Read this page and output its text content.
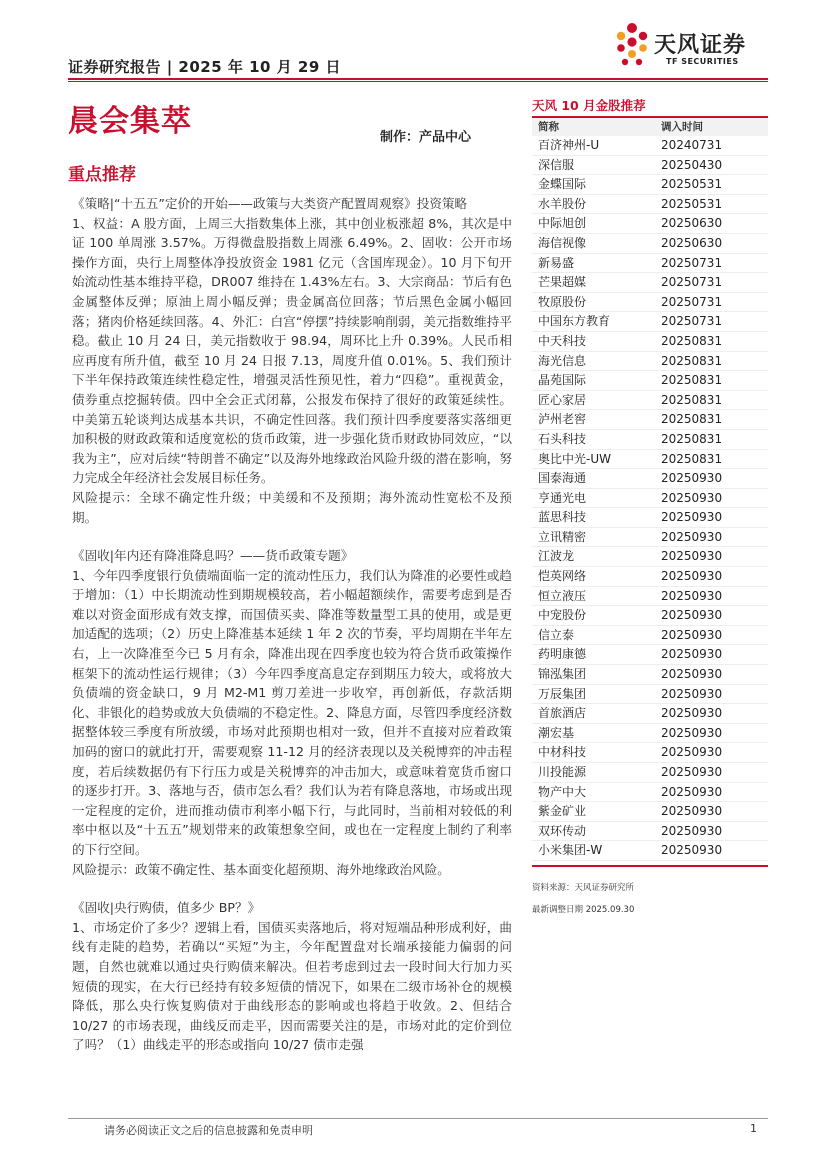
天风证券
TF SECURITIES
证券研究报告 | 2025 年 10 月 29 日
晨会集萃	制作：产品中心
重点推荐

《策略|“十五五”定价的开始——政策与大类资产配置周观察》投资策略

1、权益：A 股方面，上周三大指数集体上涨，其中创业板涨超 8%，其次是中证 100 单周涨 3.57%。万得微盘股指数上周涨 6.49%。2、固收：公开市场操作方面，央行上周整体净投放资金 1981 亿元（含国库现金）。10 月下旬开始流动性基本维持平稳，DR007 维持在 1.43%左右。3、大宗商品：节后有色金属整体反弹；原油上周小幅反弹；贵金属高位回落；节后黑色金属小幅回落；猪肉价格延续回落。4、外汇：白宫“停摆”持续影响削弱，美元指数维持平稳。截止 10 月 24 日，美元指数收于 98.94，周环比上升 0.39%。人民币相应再度有所升值，截至 10 月 24 日报 7.13，周度升值 0.01%。5、我们预计下半年保持政策连续性稳定性，增强灵活性预见性，着力“四稳”。重视黄金，债券重点挖掘转债。四中全会正式闭幕，公报发布保持了很好的政策延续性。中美第五轮谈判达成基本共识，不确定性回落。我们预计四季度要落实落细更加积极的财政政策和适度宽松的货币政策，进一步强化货币财政协同效应，“以我为主”，应对后续“特朗普不确定”以及海外地缘政治风险升级的潜在影响，努力完成全年经济社会发展目标任务。

风险提示：全球不确定性升级；中美缓和不及预期；海外流动性宽松不及预期。

《固收|年内还有降准降息吗？——货币政策专题》

1、今年四季度银行负债端面临一定的流动性压力，我们认为降准的必要性或趋于增加：（1）中长期流动性到期规模较高，若小幅超额续作，需要考虑到是否难以对资金面形成有效支撑，而国债买卖、降准等数量型工具的使用，或是更加适配的选项；（2）历史上降准基本延续 1 年 2 次的节奏，平均周期在半年左右，上一次降准至今已 5 月有余，降准出现在四季度也较为符合货币政策操作框架下的流动性运行规律；（3）今年四季度高息定存到期压力较大，或将放大负债端的资金缺口，9 月 M2-M1 剪刀差进一步收窄，再创新低，存款活期化、非银化的趋势或放大负债端的不稳定性。2、降息方面，尽管四季度经济数据整体较三季度有所放缓，市场对此预期也相对一致，但并不直接对应着政策加码的窗口的就此打开，需要观察 11-12 月的经济表现以及关税博弈的冲击程度，若后续数据仍有下行压力或是关税博弈的冲击加大，或意味着宽货币窗口的逐步打开。3、落地与否，债市怎么看？我们认为若有降息落地，市场或出现一定程度的定价，进而推动债市利率小幅下行，与此同时，当前相对较低的利率中枢以及“十五五”规划带来的政策想象空间，或也在一定程度上制约了利率的下行空间。

风险提示：政策不确定性、基本面变化超预期、海外地缘政治风险。

《固收|央行购债，值多少 BP？》

1、市场定价了多少？逻辑上看，国债买卖落地后，将对短端品种形成利好，曲线有走陡的趋势，若确以“买短”为主，今年配置盘对长端承接能力偏弱的问题，自然也就难以通过央行购债来解决。但若考虑到过去一段时间大行加力买短债的现实，在大行已经持有较多短债的情况下，如果在二级市场补仓的规模降低，那么央行恢复购债对于曲线形态的影响或也将趋于收敛。2、但结合 10/27 的市场表现，曲线反而走平，因而需要关注的是，市场对此的定价到位了吗？（1）曲线走平的形态或指向 10/27 债市走强

天风 10 月金股推荐
简称	调入时间
百济神州-U	20240731
深信服	20250430
金蝶国际	20250531
水羊股份	20250531
中际旭创	20250630
海信视像	20250630
新易盛	20250731
芒果超媒	20250731
牧原股份	20250731
中国东方教育	20250731
中天科技	20250831
海光信息	20250831
晶苑国际	20250831
匠心家居	20250831
泸州老窖	20250831
石头科技	20250831
奥比中光-UW	20250831
国泰海通	20250930
亨通光电	20250930
蓝思科技	20250930
立讯精密	20250930
江波龙	20250930
恺英网络	20250930
恒立液压	20250930
中宠股份	20250930
信立泰	20250930
药明康德	20250930
锦泓集团	20250930
万辰集团	20250930
首旅酒店	20250930
潮宏基	20250930
中材科技	20250930
川投能源	20250930
物产中大	20250930
紫金矿业	20250930
双环传动	20250930
小米集团-W	20250930
资料来源：天风证券研究所
最新调整日期 2025.09.30
请务必阅读正文之后的信息披露和免责申明	1
